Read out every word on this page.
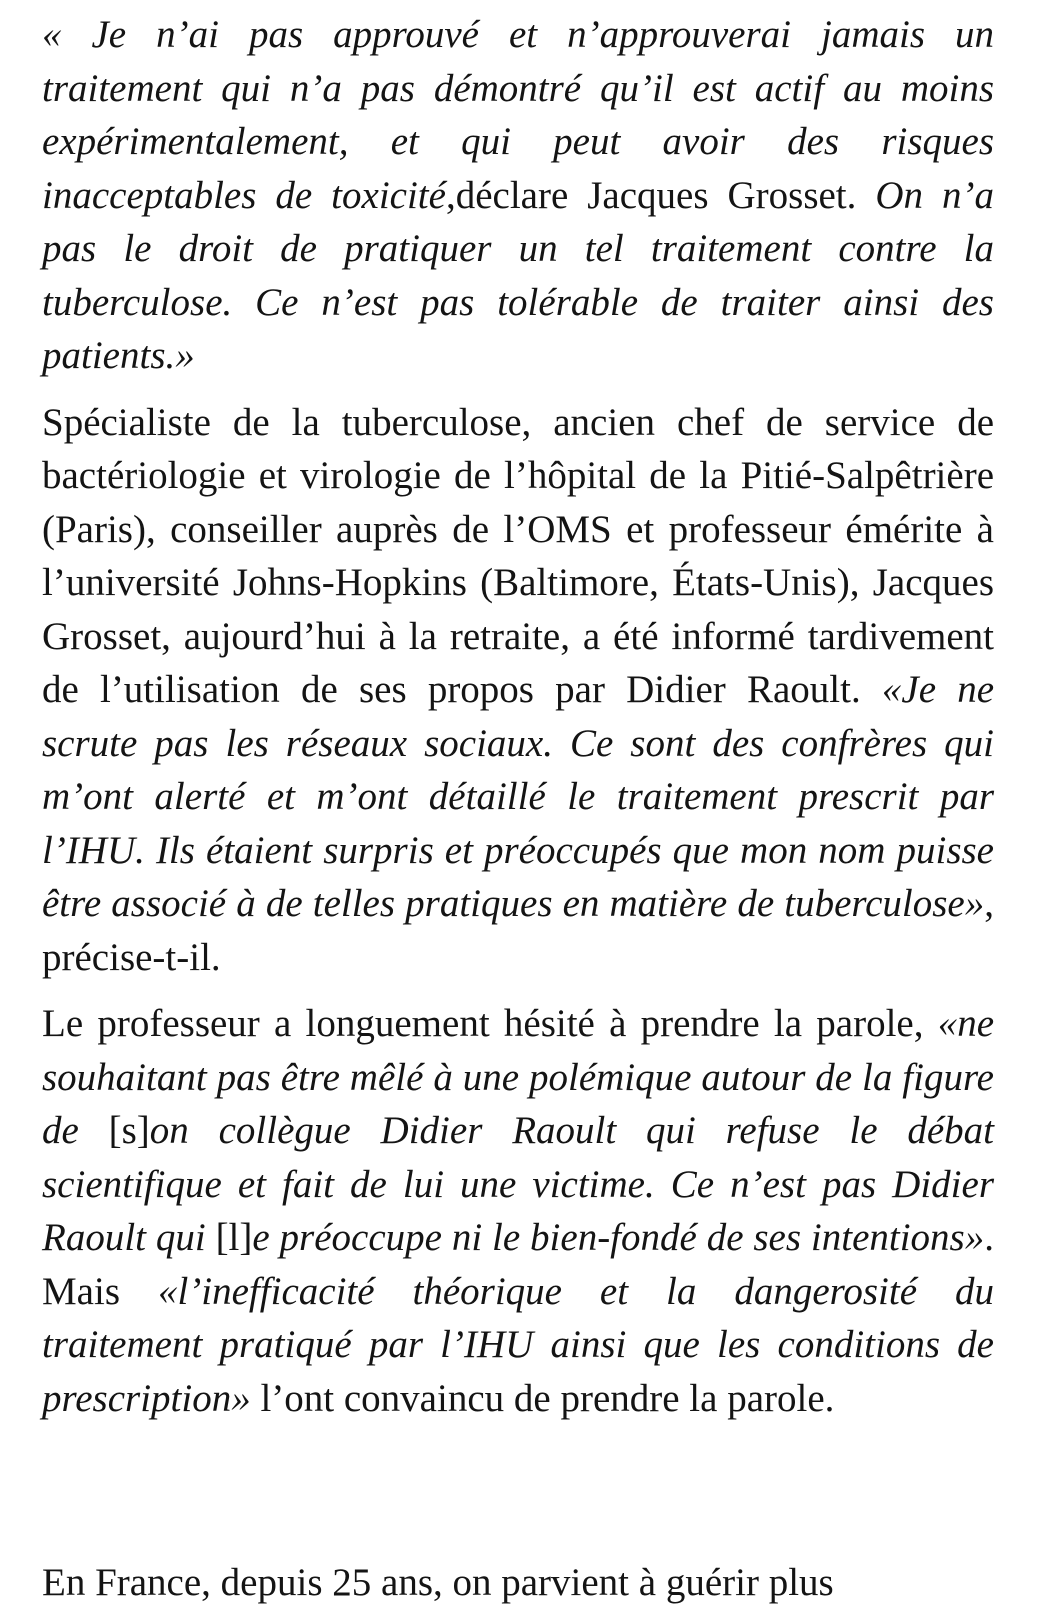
« Je n’ai pas approuvé et n’approuverai jamais un traitement qui n’a pas démontré qu’il est actif au moins expérimentalement, et qui peut avoir des risques inacceptables de toxicité,déclare Jacques Grosset. On n’a pas le droit de pratiquer un tel traitement contre la tuberculose. Ce n’est pas tolérable de traiter ainsi des patients.»

Spécialiste de la tuberculose, ancien chef de service de bactériologie et virologie de l’hôpital de la Pitié-Salpêtrière (Paris), conseiller auprès de l’OMS et professeur émérite à l’université Johns-Hopkins (Baltimore, États-Unis), Jacques Grosset, aujourd’hui à la retraite, a été informé tardivement de l’utilisation de ses propos par Didier Raoult. «Je ne scrute pas les réseaux sociaux. Ce sont des confrères qui m’ont alerté et m’ont détaillé le traitement prescrit par l’IHU. Ils étaient surpris et préoccupés que mon nom puisse être associé à de telles pratiques en matière de tuberculose», précise-t-il.

Le professeur a longuement hésité à prendre la parole, «ne souhaitant pas être mêlé à une polémique autour de la figure de [s]on collègue Didier Raoult qui refuse le débat scientifique et fait de lui une victime. Ce n’est pas Didier Raoult qui [l]e préoccupe ni le bien-fondé de ses intentions». Mais «l’inefficacité théorique et la dangerosité du traitement pratiqué par l’IHU ainsi que les conditions de prescription» l’ont convaincu de prendre la parole.

En France, depuis 25 ans, on parvient à guérir plus
